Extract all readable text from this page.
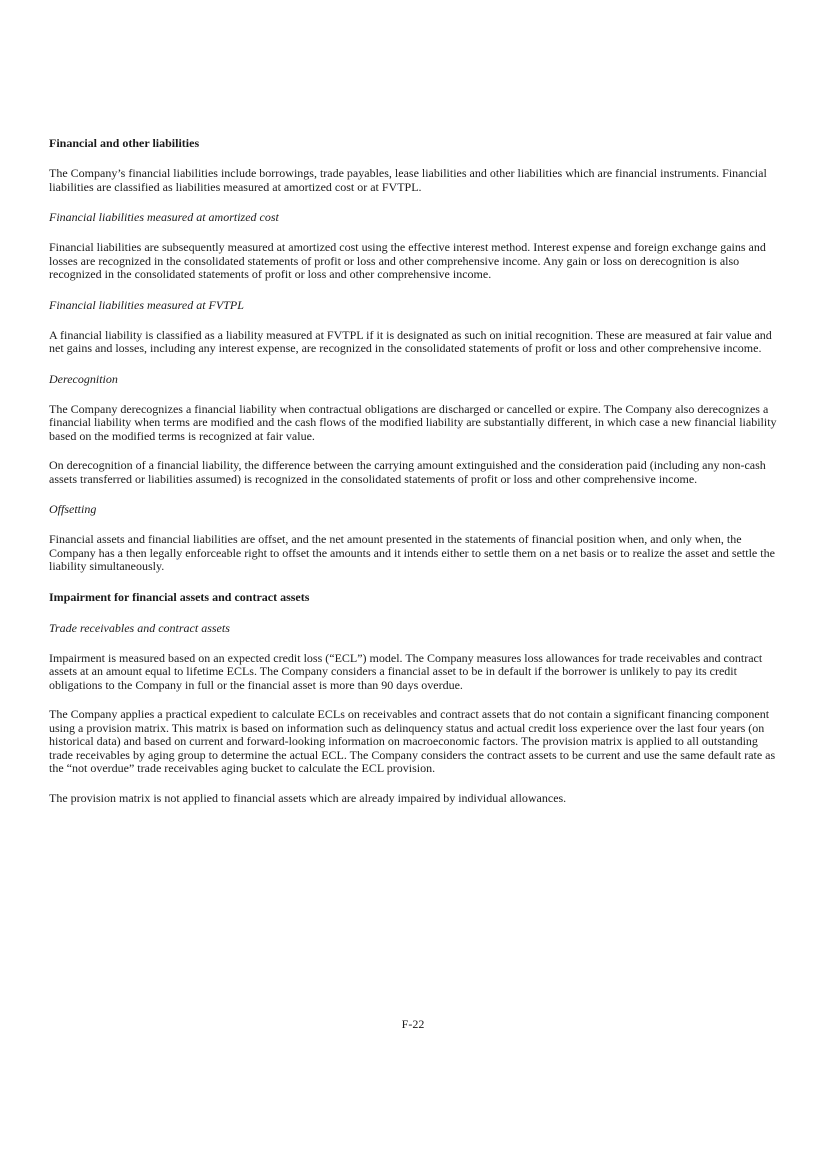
Financial and other liabilities
The Company’s financial liabilities include borrowings, trade payables, lease liabilities and other liabilities which are financial instruments. Financial liabilities are classified as liabilities measured at amortized cost or at FVTPL.
Financial liabilities measured at amortized cost
Financial liabilities are subsequently measured at amortized cost using the effective interest method. Interest expense and foreign exchange gains and losses are recognized in the consolidated statements of profit or loss and other comprehensive income. Any gain or loss on derecognition is also recognized in the consolidated statements of profit or loss and other comprehensive income.
Financial liabilities measured at FVTPL
A financial liability is classified as a liability measured at FVTPL if it is designated as such on initial recognition. These are measured at fair value and net gains and losses, including any interest expense, are recognized in the consolidated statements of profit or loss and other comprehensive income.
Derecognition
The Company derecognizes a financial liability when contractual obligations are discharged or cancelled or expire. The Company also derecognizes a financial liability when terms are modified and the cash flows of the modified liability are substantially different, in which case a new financial liability based on the modified terms is recognized at fair value.
On derecognition of a financial liability, the difference between the carrying amount extinguished and the consideration paid (including any non-cash assets transferred or liabilities assumed) is recognized in the consolidated statements of profit or loss and other comprehensive income.
Offsetting
Financial assets and financial liabilities are offset, and the net amount presented in the statements of financial position when, and only when, the Company has a then legally enforceable right to offset the amounts and it intends either to settle them on a net basis or to realize the asset and settle the liability simultaneously.
Impairment for financial assets and contract assets
Trade receivables and contract assets
Impairment is measured based on an expected credit loss (“ECL”) model. The Company measures loss allowances for trade receivables and contract assets at an amount equal to lifetime ECLs. The Company considers a financial asset to be in default if the borrower is unlikely to pay its credit obligations to the Company in full or the financial asset is more than 90 days overdue.
The Company applies a practical expedient to calculate ECLs on receivables and contract assets that do not contain a significant financing component using a provision matrix. This matrix is based on information such as delinquency status and actual credit loss experience over the last four years (on historical data) and based on current and forward-looking information on macroeconomic factors. The provision matrix is applied to all outstanding trade receivables by aging group to determine the actual ECL. The Company considers the contract assets to be current and use the same default rate as the “not overdue” trade receivables aging bucket to calculate the ECL provision.
The provision matrix is not applied to financial assets which are already impaired by individual allowances.
F-22
